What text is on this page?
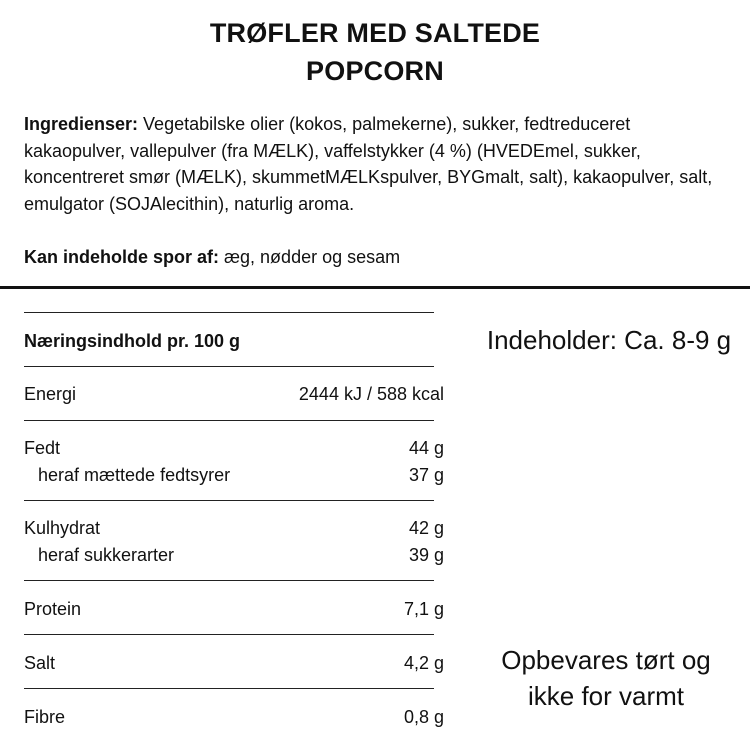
TRØFLER MED SALTEDE
POPCORN
Ingredienser: Vegetabilske olier (kokos, palmekerne), sukker, fedtreduceret kakaopulver, vallepulver (fra MÆLK), vaffelstykker (4 %) (HVEDEmel, sukker, koncentreret smør (MÆLK), skummetMÆLKspulver, BYGmalt, salt), kakaopulver, salt, emulgator (SOJAlecithin), naturlig aroma.
Kan indeholde spor af: æg, nødder og sesam
Næringsindhold pr. 100 g
Energi	2444 kJ / 588 kcal
Fedt	44 g
heraf mættede fedtsyrer	37 g
Kulhydrat	42 g
heraf sukkerarter	39 g
Protein	7,1 g
Salt	4,2 g
Fibre	0,8 g
Indeholder: Ca. 8-9 g
Opbevares tørt og
ikke for varmt
